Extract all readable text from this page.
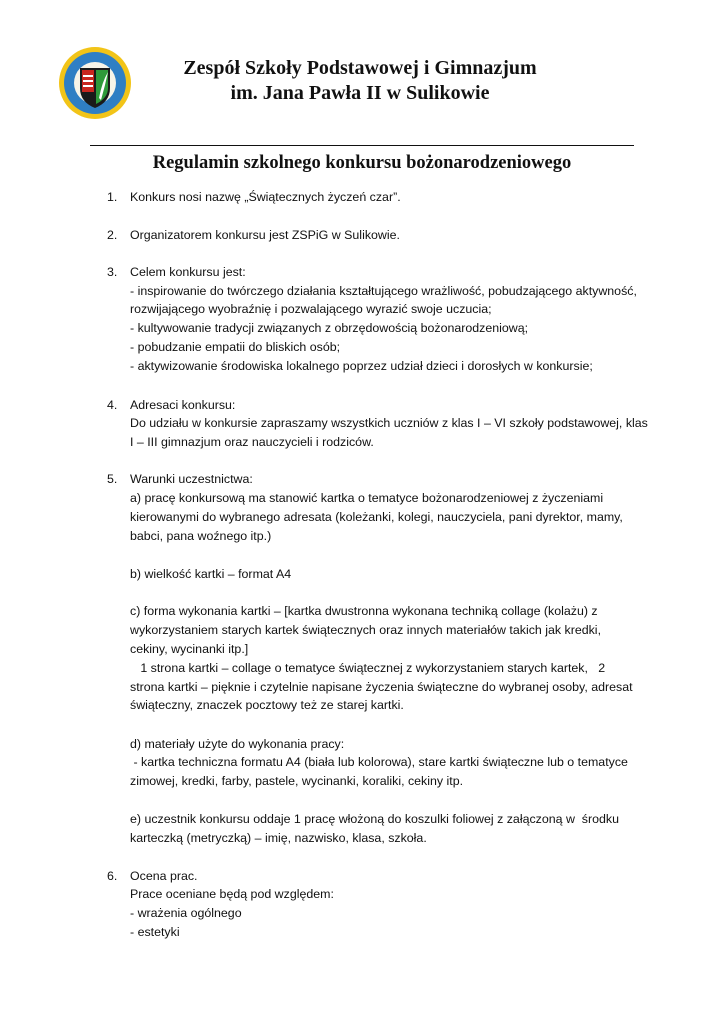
Zespół Szkoły Podstawowej i Gimnazjum
im. Jana Pawła II w Sulikowie
Regulamin szkolnego konkursu bożonarodzeniowego
1. Konkurs nosi nazwę „Świątecznych życzeń czar”.
2. Organizatorem konkursu jest ZSPiG w Sulikowie.
3. Celem konkursu jest:
- inspirowanie do twórczego działania kształtującego wrażliwość, pobudzającego aktywność,
rozwijającego wyobraźnię i pozwalającego wyrazić swoje uczucia;
- kultywowanie tradycji związanych z obrzędowością bożonarodzeniową;
- pobudzanie empatii do bliskich osób;
- aktywizowanie środowiska lokalnego poprzez udział dzieci i dorosłych w konkursie;
4. Adresaci konkursu:
Do udziału w konkursie zapraszamy wszystkich uczniów z klas I – VI szkoły podstawowej, klas
I – III gimnazjum oraz nauczycieli i rodziców.
5. Warunki uczestnictwa:
a) pracę konkursową ma stanowić kartka o tematyce bożonarodzeniowej z życzeniami
kierowanymi do wybranego adresata (koleżanki, kolegi, nauczyciela, pani dyrektor, mamy,
babci, pana woźnego itp.)
b) wielkość kartki – format A4
c) forma wykonania kartki – [kartka dwustronna wykonana techniką collage (kolażu) z
wykorzystaniem starych kartek świątecznych oraz innych materiałów takich jak kredki,
cekiny, wycinanki itp.]
1 strona kartki – collage o tematyce świątecznej z wykorzystaniem starych kartek,   2
strona kartki – pięknie i czytelnie napisane życzenia świąteczne do wybranej osoby, adresat
świąteczny, znaczek pocztowy też ze starej kartki.
d) materiały użyte do wykonania pracy:
- kartka techniczna formatu A4 (biała lub kolorowa), stare kartki świąteczne lub o tematyce
zimowej, kredki, farby, pastele, wycinanki, koraliki, cekiny itp.
e) uczestnik konkursu oddaje 1 pracę włożoną do koszulki foliowej z załączoną w  środku
karteczką (metryczką) – imię, nazwisko, klasa, szkoła.
6. Ocena prac.
Prace oceniane będą pod względem:
- wrażenia ogólnego
- estetyki
